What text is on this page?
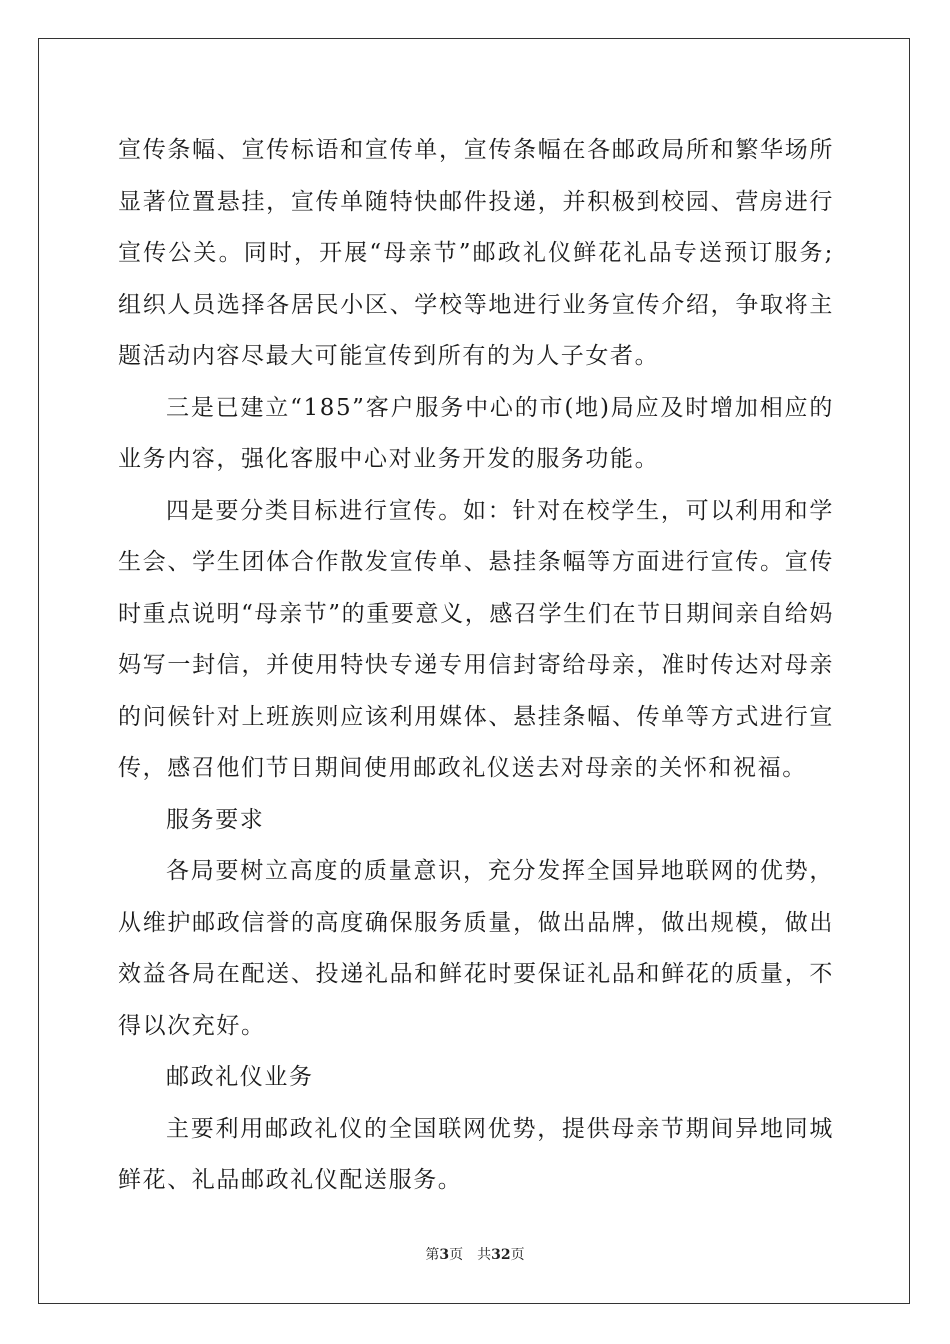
宣传条幅、宣传标语和宣传单，宣传条幅在各邮政局所和繁华场所显著位置悬挂，宣传单随特快邮件投递，并积极到校园、营房进行宣传公关。同时，开展“母亲节”邮政礼仪鲜花礼品专送预订服务;组织人员选择各居民小区、学校等地进行业务宣传介绍，争取将主题活动内容尽最大可能宣传到所有的为人子女者。

三是已建立“185”客户服务中心的市(地)局应及时增加相应的业务内容，强化客服中心对业务开发的服务功能。

四是要分类目标进行宣传。如：针对在校学生，可以利用和学生会、学生团体合作散发宣传单、悬挂条幅等方面进行宣传。宣传时重点说明“母亲节”的重要意义，感召学生们在节日期间亲自给妈妈写一封信，并使用特快专递专用信封寄给母亲，准时传达对母亲的问候针对上班族则应该利用媒体、悬挂条幅、传单等方式进行宣传，感召他们节日期间使用邮政礼仪送去对母亲的关怀和祝福。

服务要求

各局要树立高度的质量意识，充分发挥全国异地联网的优势，从维护邮政信誉的高度确保服务质量，做出品牌，做出规模，做出效益各局在配送、投递礼品和鲜花时要保证礼品和鲜花的质量，不得以次充好。

邮政礼仪业务

主要利用邮政礼仪的全国联网优势，提供母亲节期间异地同城鲜花、礼品邮政礼仪配送服务。

第3页 共32页
